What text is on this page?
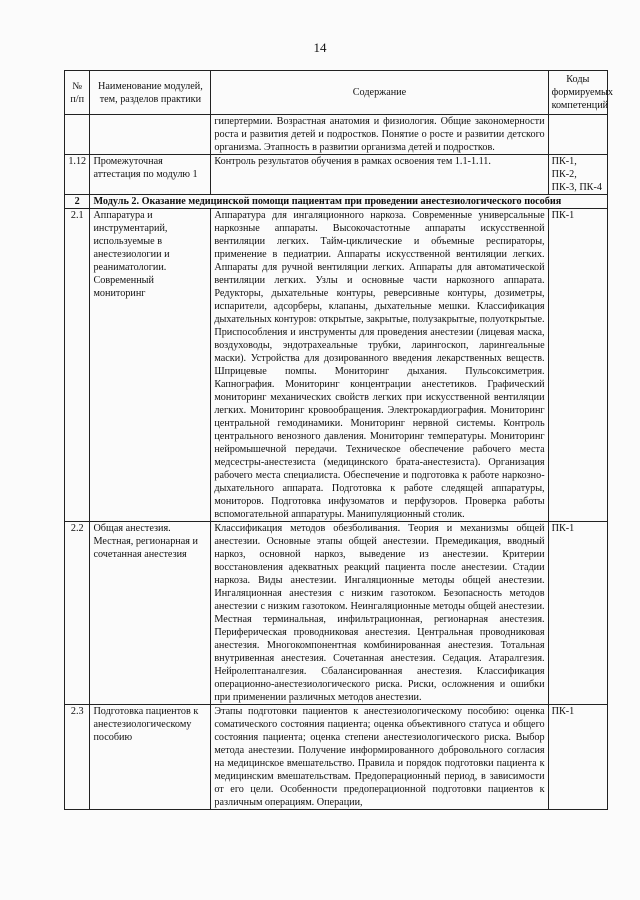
14
№ п/п	Наименование модулей, тем, разделов практики	Содержание	Коды формируемых компетенций
		гипертермии. Возрастная анатомия и физиология. Общие закономерности роста и развития детей и подростков. Понятие о росте и развитии детского организма. Этапность в развитии организма детей и подростков.	
1.12	Промежуточная аттестация по модулю 1	Контроль результатов обучения в рамках освоения тем 1.1-1.11.	ПК-1, ПК-2, ПК-3, ПК-4
2	Модуль 2. Оказание медицинской помощи пациентам при проведении анестезиологического пособия		
2.1	Аппаратура и инструментарий, используемые в анестезиологии и реаниматологии. Современный мониторинг	Аппаратура для ингаляционного наркоза. Современные универсальные наркозные аппараты. Высокочастотные аппараты искусственной вентиляции легких. Тайм-циклические и объемные респираторы, применение в педиатрии. Аппараты искусственной вентиляции легких. Аппараты для ручной вентиляции легких. Аппараты для автоматической вентиляции легких. Узлы и основные части наркозного аппарата. Редукторы, дыхательные контуры, реверсивные контуры, дозиметры, испарители, адсорберы, клапаны, дыхательные мешки. Классификация дыхательных контуров: открытые, закрытые, полузакрытые, полуоткрытые. Приспособления и инструменты для проведения анестезии (лицевая маска, воздуховоды, эндотрахеальные трубки, ларингоскоп, ларингеальные маски). Устройства для дозированного введения лекарственных веществ. Шприцевые помпы. Мониторинг дыхания. Пульсоксиметрия. Капнография. Мониторинг концентрации анестетиков. Графический мониторинг механических свойств легких при искусственной вентиляции легких. Мониторинг кровообращения. Электрокардиография. Мониторинг центральной гемодинамики. Мониторинг нервной системы. Контроль центрального венозного давления. Мониторинг температуры. Мониторинг нейромышечной передачи. Техническое обеспечение рабочего места медсестры-анестезиста (медицинского брата-анестезиста). Организация рабочего места специалиста. Обеспечение и подготовка к работе наркозно-дыхательного аппарата. Подготовка к работе следящей аппаратуры, мониторов. Подготовка инфузоматов и перфузоров. Проверка работы вспомогательной аппаратуры. Манипуляционный столик.	ПК-1
2.2	Общая анестезия. Местная, регионарная и сочетанная анестезия	Классификация методов обезболивания. Теория и механизмы общей анестезии. Основные этапы общей анестезии. Премедикация, вводный наркоз, основной наркоз, выведение из анестезии. Критерии восстановления адекватных реакций пациента после анестезии. Стадии наркоза. Виды анестезии. Ингаляционные методы общей анестезии. Ингаляционная анестезия с низким газотоком. Безопасность методов анестезии с низким газотоком. Неингаляционные методы общей анестезии. Местная терминальная, инфильтрационная, регионарная анестезия. Периферическая проводниковая анестезия. Центральная проводниковая анестезия. Многокомпонентная комбинированная анестезия. Тотальная внутривенная анестезия. Сочетанная анестезия. Седация. Атаралгезия. Нейролептаналгезия. Сбалансированная анестезия. Классификация операционно-анестезиологического риска. Риски, осложнения и ошибки при применении различных методов анестезии.	ПК-1
2.3	Подготовка пациентов к анестезиологическому пособию	Этапы подготовки пациентов к анестезиологическому пособию: оценка соматического состояния пациента; оценка объективного статуса и общего состояния пациента; оценка степени анестезиологического риска. Выбор метода анестезии. Получение информированного добровольного согласия на медицинское вмешательство. Правила и порядок подготовки пациента к медицинским вмешательствам. Предоперационный период, в зависимости от его цели. Особенности предоперационной подготовки пациентов к различным операциям. Операции,	ПК-1
